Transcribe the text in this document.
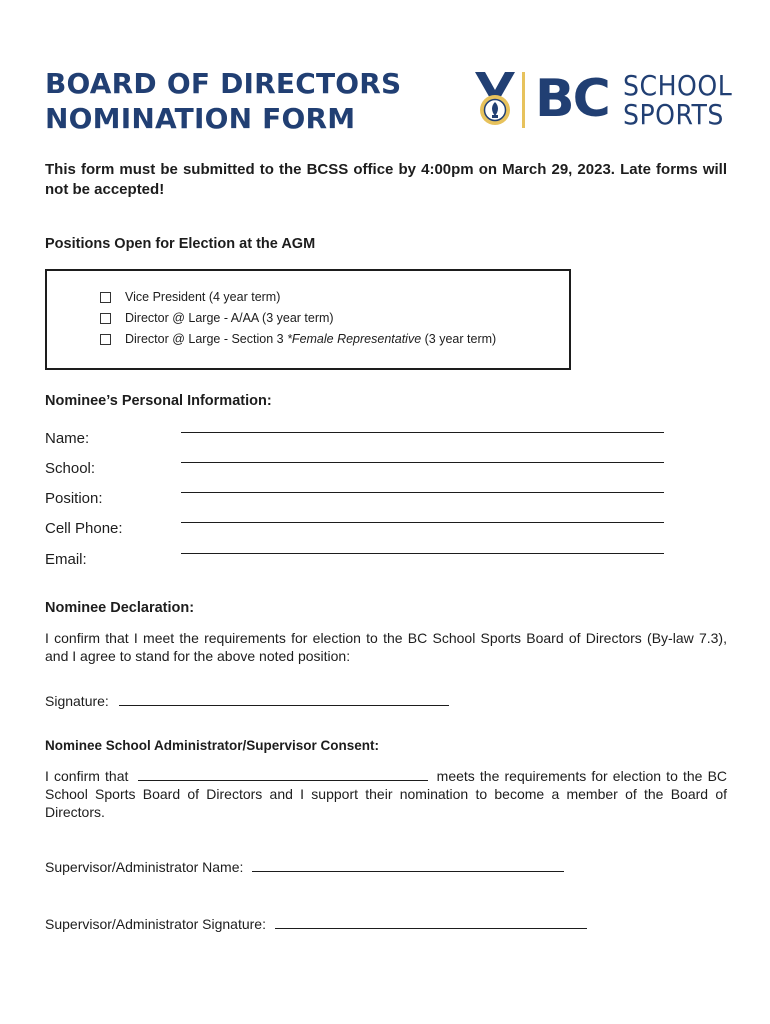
BOARD OF DIRECTORS
NOMINATION FORM	BC SCHOOL
SPORTS

This form must be submitted to the BCSS office by 4:00pm on March 29, 2023. Late forms will not be accepted!

Positions Open for Election at the AGM
Vice President (4 year term)
Director @ Large - A/AA (3 year term)
Director @ Large - Section 3 *Female Representative (3 year term)
Nominee’s Personal Information:
Name:
School:
Position:
Cell Phone:
Email:
Nominee Declaration:

I confirm that I meet the requirements for election to the BC School Sports Board of Directors (By-law 7.3), and I agree to stand for the above noted position:

Signature:
Nominee School Administrator/Supervisor Consent:
I confirm that	meets the requirements for election to the BC School Sports Board of Directors and I support their nomination to become a member of the Board of Directors.
Supervisor/Administrator Name:
Supervisor/Administrator Signature:
